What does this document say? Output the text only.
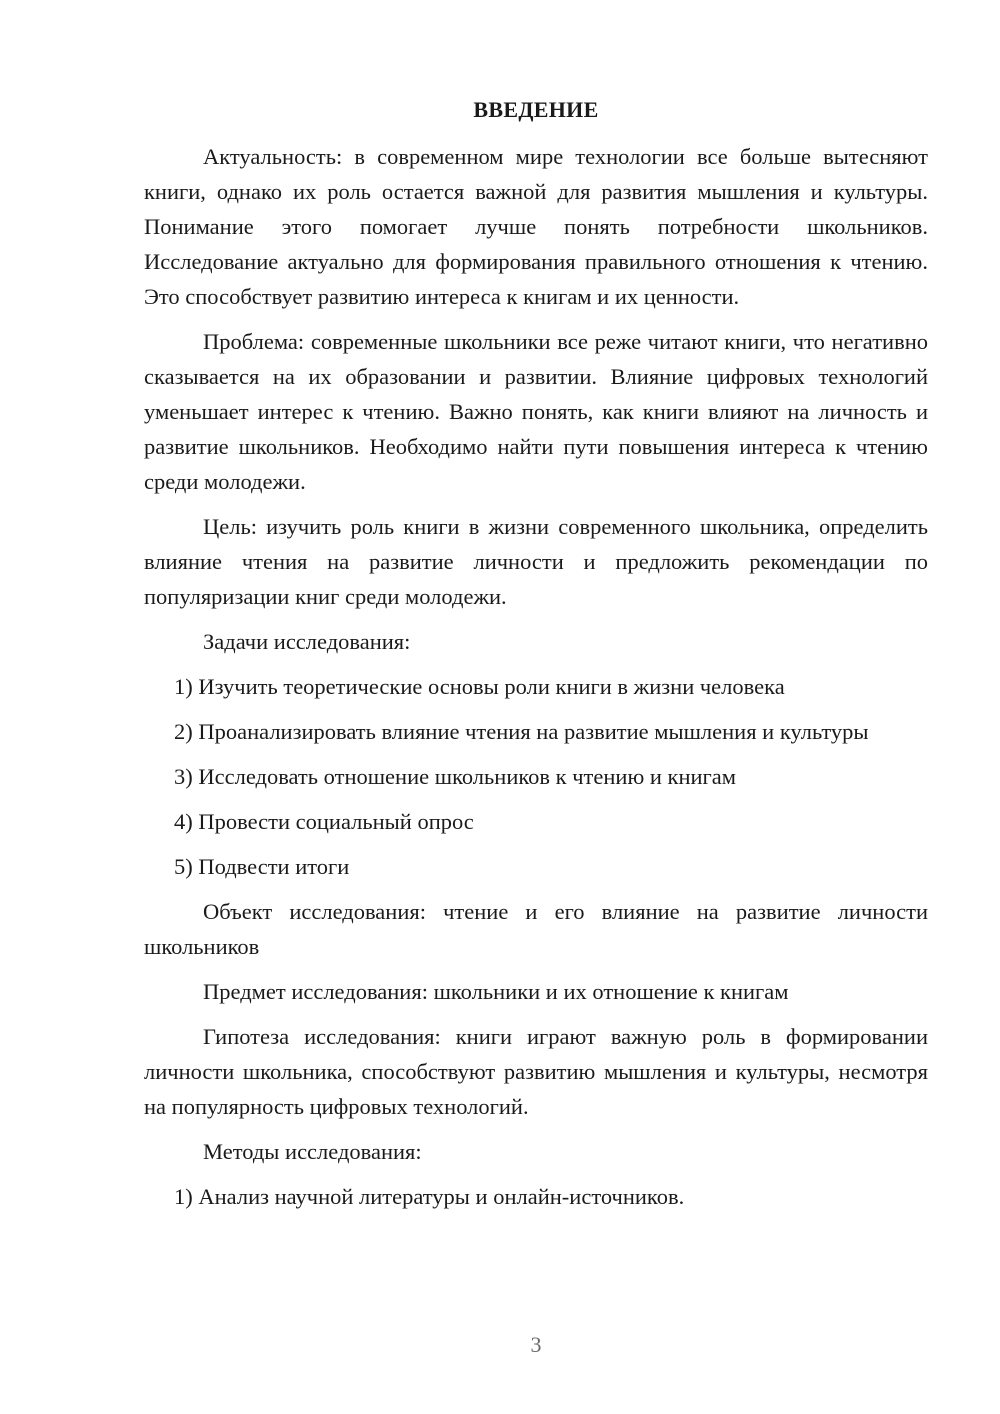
ВВЕДЕНИЕ

Актуальность: в современном мире технологии все больше вытесняют книги, однако их роль остается важной для развития мышления и культуры. Понимание этого помогает лучше понять потребности школьников. Исследование актуально для формирования правильного отношения к чтению. Это способствует развитию интереса к книгам и их ценности.

Проблема: современные школьники все реже читают книги, что негативно сказывается на их образовании и развитии. Влияние цифровых технологий уменьшает интерес к чтению. Важно понять, как книги влияют на личность и развитие школьников. Необходимо найти пути повышения интереса к чтению среди молодежи.

Цель: изучить роль книги в жизни современного школьника, определить влияние чтения на развитие личности и предложить рекомендации по популяризации книг среди молодежи.

Задачи исследования:

1) Изучить теоретические основы роли книги в жизни человека

2) Проанализировать влияние чтения на развитие мышления и культуры

3) Исследовать отношение школьников к чтению и книгам

4) Провести социальный опрос

5) Подвести итоги

Объект исследования: чтение и его влияние на развитие личности школьников

Предмет исследования: школьники и их отношение к книгам

Гипотеза исследования: книги играют важную роль в формировании личности школьника, способствуют развитию мышления и культуры, несмотря на популярность цифровых технологий.

Методы исследования:

1) Анализ научной литературы и онлайн-источников.

3
